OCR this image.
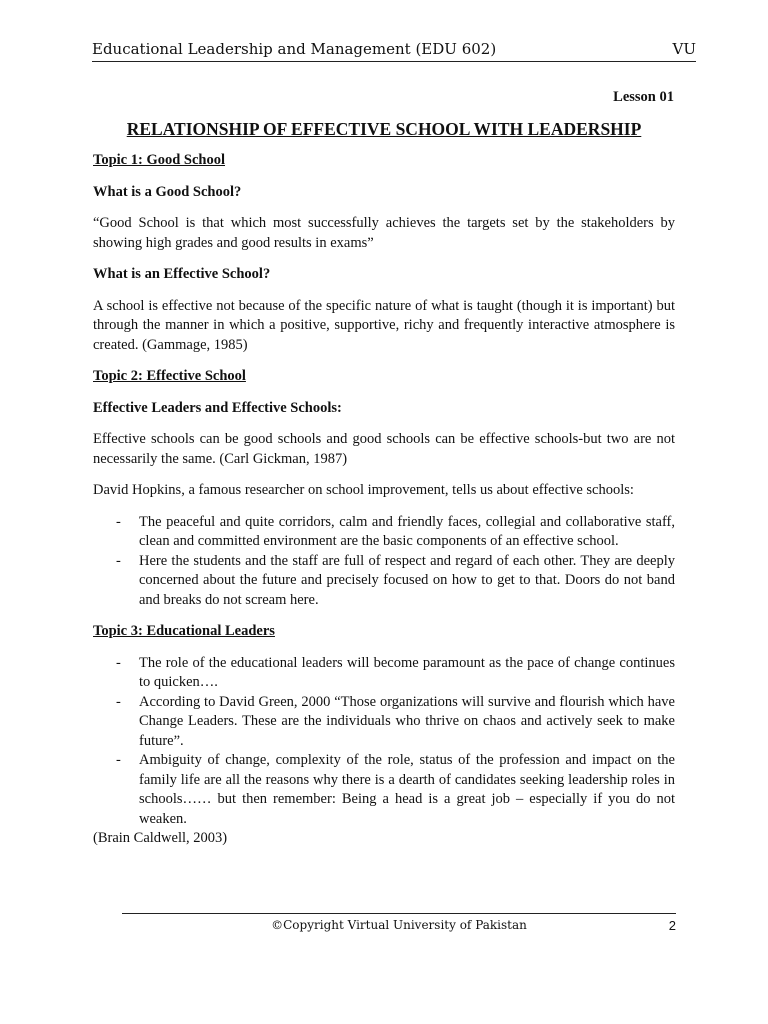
Educational Leadership and Management (EDU 602)	VU
Lesson 01
RELATIONSHIP OF EFFECTIVE SCHOOL WITH LEADERSHIP

Topic 1: Good School

What is a Good School?

“Good School is that which most successfully achieves the targets set by the stakeholders by showing high grades and good results in exams”

What is an Effective School?

A school is effective not because of the specific nature of what is taught (though it is important) but through the manner in which a positive, supportive, richy and frequently interactive atmosphere is created. (Gammage, 1985)

Topic 2: Effective School

Effective Leaders and Effective Schools:

Effective schools can be good schools and good schools can be effective schools-but two are not necessarily the same. (Carl Gickman, 1987)

David Hopkins, a famous researcher on school improvement, tells us about effective schools:

- The peaceful and quite corridors, calm and friendly faces, collegial and collaborative staff, clean and committed environment are the basic components of an effective school.
- Here the students and the staff are full of respect and regard of each other. They are deeply concerned about the future and precisely focused on how to get to that. Doors do not band and breaks do not scream here.

Topic 3: Educational Leaders

- The role of the educational leaders will become paramount as the pace of change continues to quicken….
- According to David Green, 2000 “Those organizations will survive and flourish which have Change Leaders. These are the individuals who thrive on chaos and actively seek to make future”.
- Ambiguity of change, complexity of the role, status of the profession and impact on the family life are all the reasons why there is a dearth of candidates seeking leadership roles in schools…… but then remember: Being a head is a great job – especially if you do not weaken.

(Brain Caldwell, 2003)

©Copyright Virtual University of Pakistan	2
